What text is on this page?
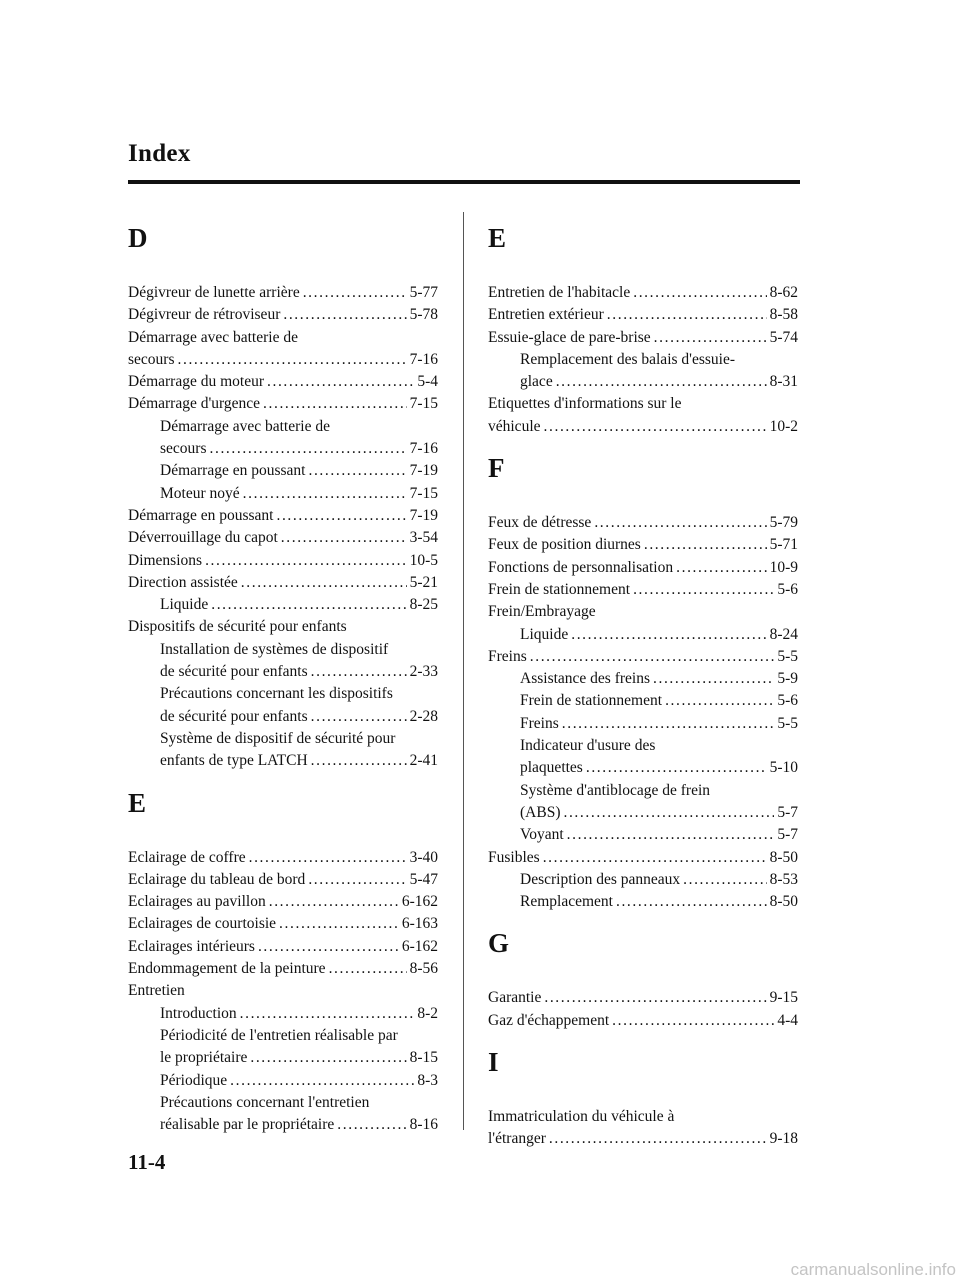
Index
D
Dégivreur de lunette arrière .....	5-77
Dégivreur de rétroviseur .....	5-78
Démarrage avec batterie de
secours .....	7-16
Démarrage du moteur .....	5-4
Démarrage d'urgence .....	7-15
Démarrage avec batterie de
secours .....	7-16
Démarrage en poussant .....	7-19
Moteur noyé .....	7-15
Démarrage en poussant .....	7-19
Déverrouillage du capot .....	3-54
Dimensions .....	10-5
Direction assistée .....	5-21
Liquide .....	8-25
Dispositifs de sécurité pour enfants
Installation de systèmes de dispositif
de sécurité pour enfants .....	2-33
Précautions concernant les dispositifs
de sécurité pour enfants .....	2-28
Système de dispositif de sécurité pour
enfants de type LATCH .....	2-41
E
Eclairage de coffre .....	3-40
Eclairage du tableau de bord .....	5-47
Eclairages au pavillon .....	6-162
Eclairages de courtoisie .....	6-163
Eclairages intérieurs .....	6-162
Endommagement de la peinture .....	8-56
Entretien
Introduction .....	8-2
Périodicité de l'entretien réalisable par
le propriétaire .....	8-15
Périodique .....	8-3
Précautions concernant l'entretien
réalisable par le propriétaire .....	8-16
E
Entretien de l'habitacle .....	8-62
Entretien extérieur .....	8-58
Essuie-glace de pare-brise .....	5-74
Remplacement des balais d'essuie-
glace .....	8-31
Etiquettes d'informations sur le
véhicule .....	10-2
F
Feux de détresse .....	5-79
Feux de position diurnes .....	5-71
Fonctions de personnalisation .....	10-9
Frein de stationnement .....	5-6
Frein/Embrayage
Liquide .....	8-24
Freins .....	5-5
Assistance des freins .....	5-9
Frein de stationnement .....	5-6
Freins .....	5-5
Indicateur d'usure des
plaquettes .....	5-10
Système d'antiblocage de frein
(ABS) .....	5-7
Voyant .....	5-7
Fusibles .....	8-50
Description des panneaux .....	8-53
Remplacement .....	8-50
G
Garantie .....	9-15
Gaz d'échappement .....	4-4
I
Immatriculation du véhicule à
l'étranger .....	9-18
11-4
carmanualsonline.info
